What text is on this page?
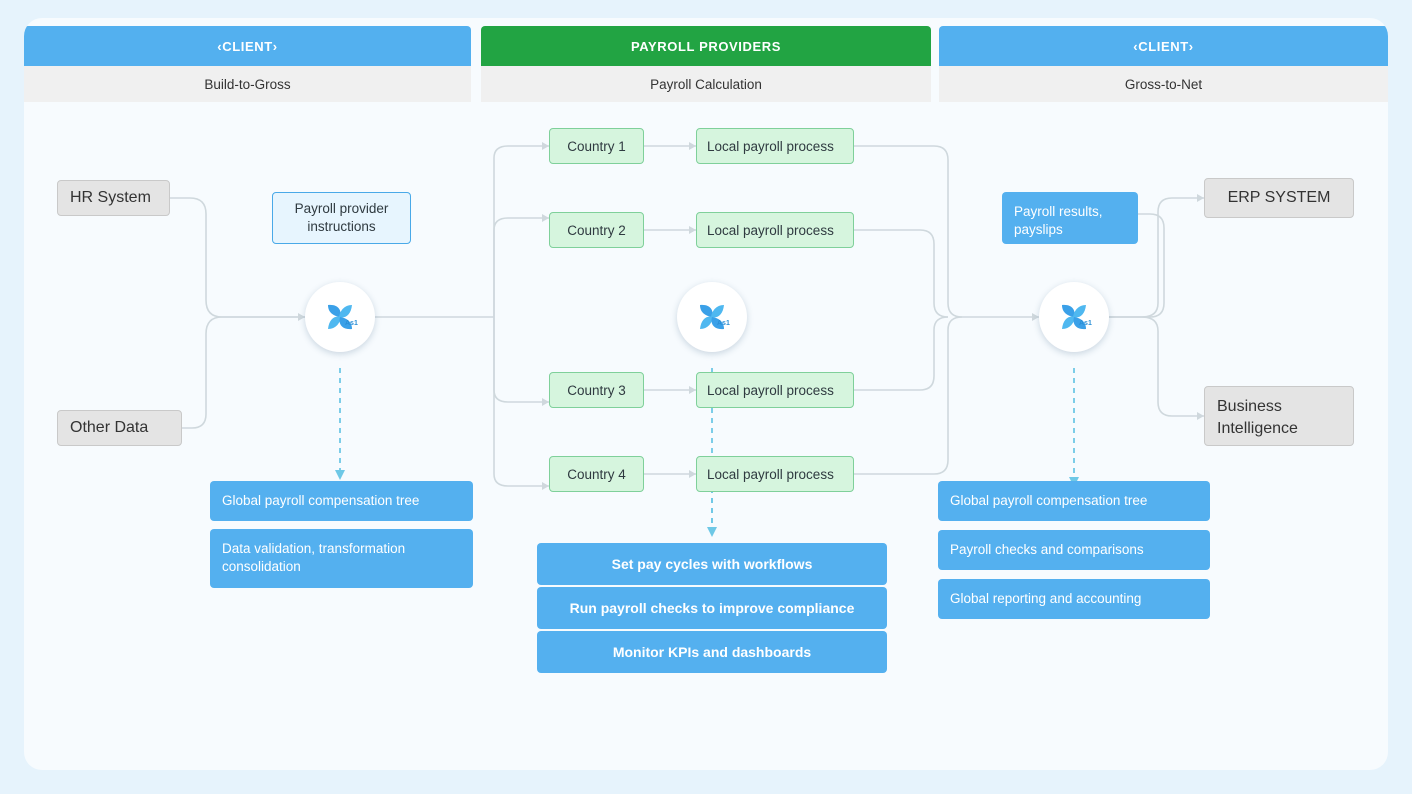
‹CLIENT›
Build-to-Gross
PAYROLL PROVIDERS
Payroll Calculation
‹CLIENT›
Gross-to-Net
HR System
Other Data
Payroll provider instructions
As1
Global payroll compensation tree
Data validation, transformation consolidation
Country 1
Country 2
Country 3
Country 4
Local payroll process
Local payroll process
Local payroll process
Local payroll process
As1
Set pay cycles with workflows
Run payroll checks to improve compliance
Monitor KPIs and dashboards
Payroll results, payslips
As1
ERP SYSTEM
Business Intelligence
Global payroll compensation tree
Payroll checks and comparisons
Global reporting and accounting
